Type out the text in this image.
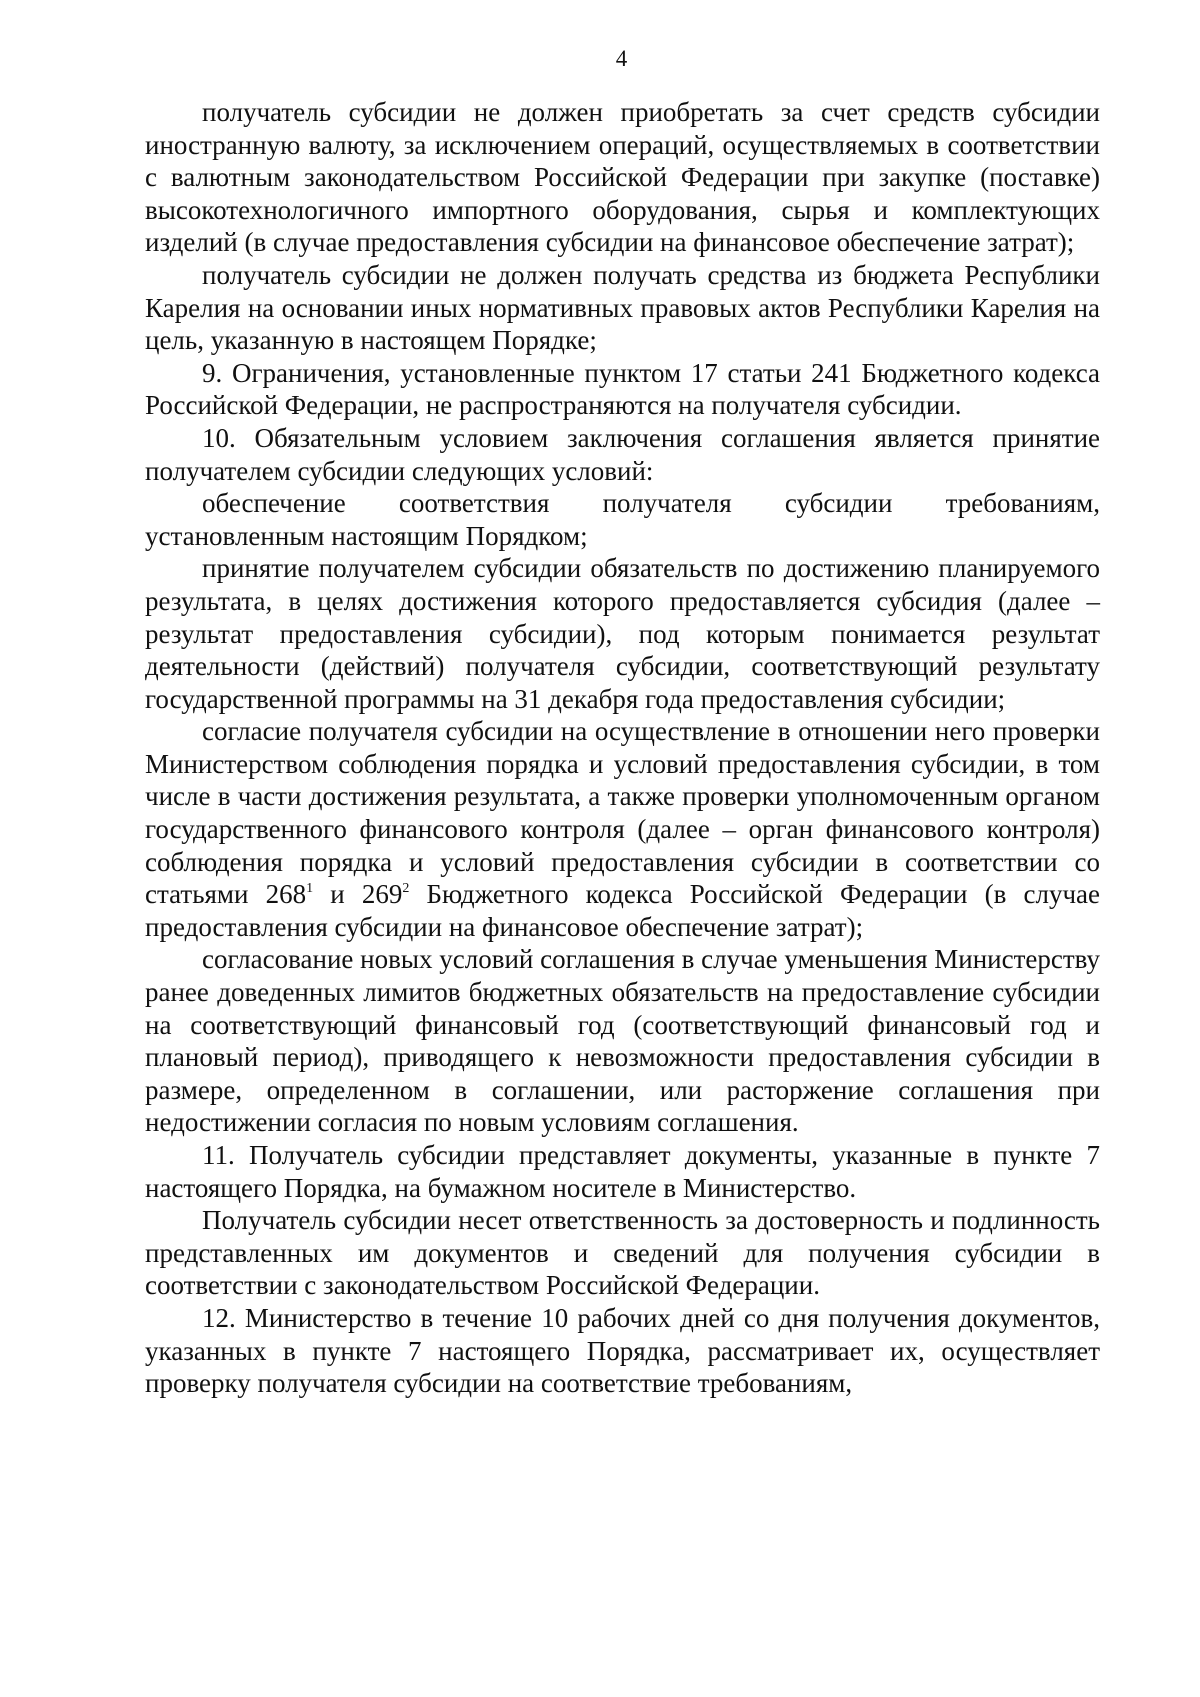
4

получатель субсидии не должен приобретать за счет средств субсидии иностранную валюту, за исключением операций, осуществляемых в соответствии с валютным законодательством Российской Федерации при закупке (поставке) высокотехнологичного импортного оборудования, сырья и комплектующих изделий (в случае предоставления субсидии на финансовое обеспечение затрат);

получатель субсидии не должен получать средства из бюджета Республики Карелия на основании иных нормативных правовых актов Республики Карелия на цель, указанную в настоящем Порядке;

9. Ограничения, установленные пунктом 17 статьи 241 Бюджетного кодекса Российской Федерации, не распространяются на получателя субсидии.

10. Обязательным условием заключения соглашения является принятие получателем субсидии следующих условий:

обеспечение соответствия получателя субсидии требованиям, установленным настоящим Порядком;

принятие получателем субсидии обязательств по достижению планируемого результата, в целях достижения которого предоставляется субсидия (далее – результат предоставления субсидии), под которым понимается результат деятельности (действий) получателя субсидии, соответствующий результату государственной программы на 31 декабря года предоставления субсидии;

согласие получателя субсидии на осуществление в отношении него проверки Министерством соблюдения порядка и условий предоставления субсидии, в том числе в части достижения результата, а также проверки уполномоченным органом государственного финансового контроля (далее – орган финансового контроля) соблюдения порядка и условий предоставления субсидии в соответствии со статьями $268^1$ и $269^2$ Бюджетного кодекса Российской Федерации (в случае предоставления субсидии на финансовое обеспечение затрат);

согласование новых условий соглашения в случае уменьшения Министерству ранее доведенных лимитов бюджетных обязательств на предоставление субсидии на соответствующий финансовый год (соответствующий финансовый год и плановый период), приводящего к невозможности предоставления субсидии в размере, определенном в соглашении, или расторжение соглашения при недостижении согласия по новым условиям соглашения.

11. Получатель субсидии представляет документы, указанные в пункте 7 настоящего Порядка, на бумажном носителе в Министерство.

Получатель субсидии несет ответственность за достоверность и подлинность представленных им документов и сведений для получения субсидии в соответствии с законодательством Российской Федерации.

12. Министерство в течение 10 рабочих дней со дня получения документов, указанных в пункте 7 настоящего Порядка, рассматривает их, осуществляет проверку получателя субсидии на соответствие требованиям,
